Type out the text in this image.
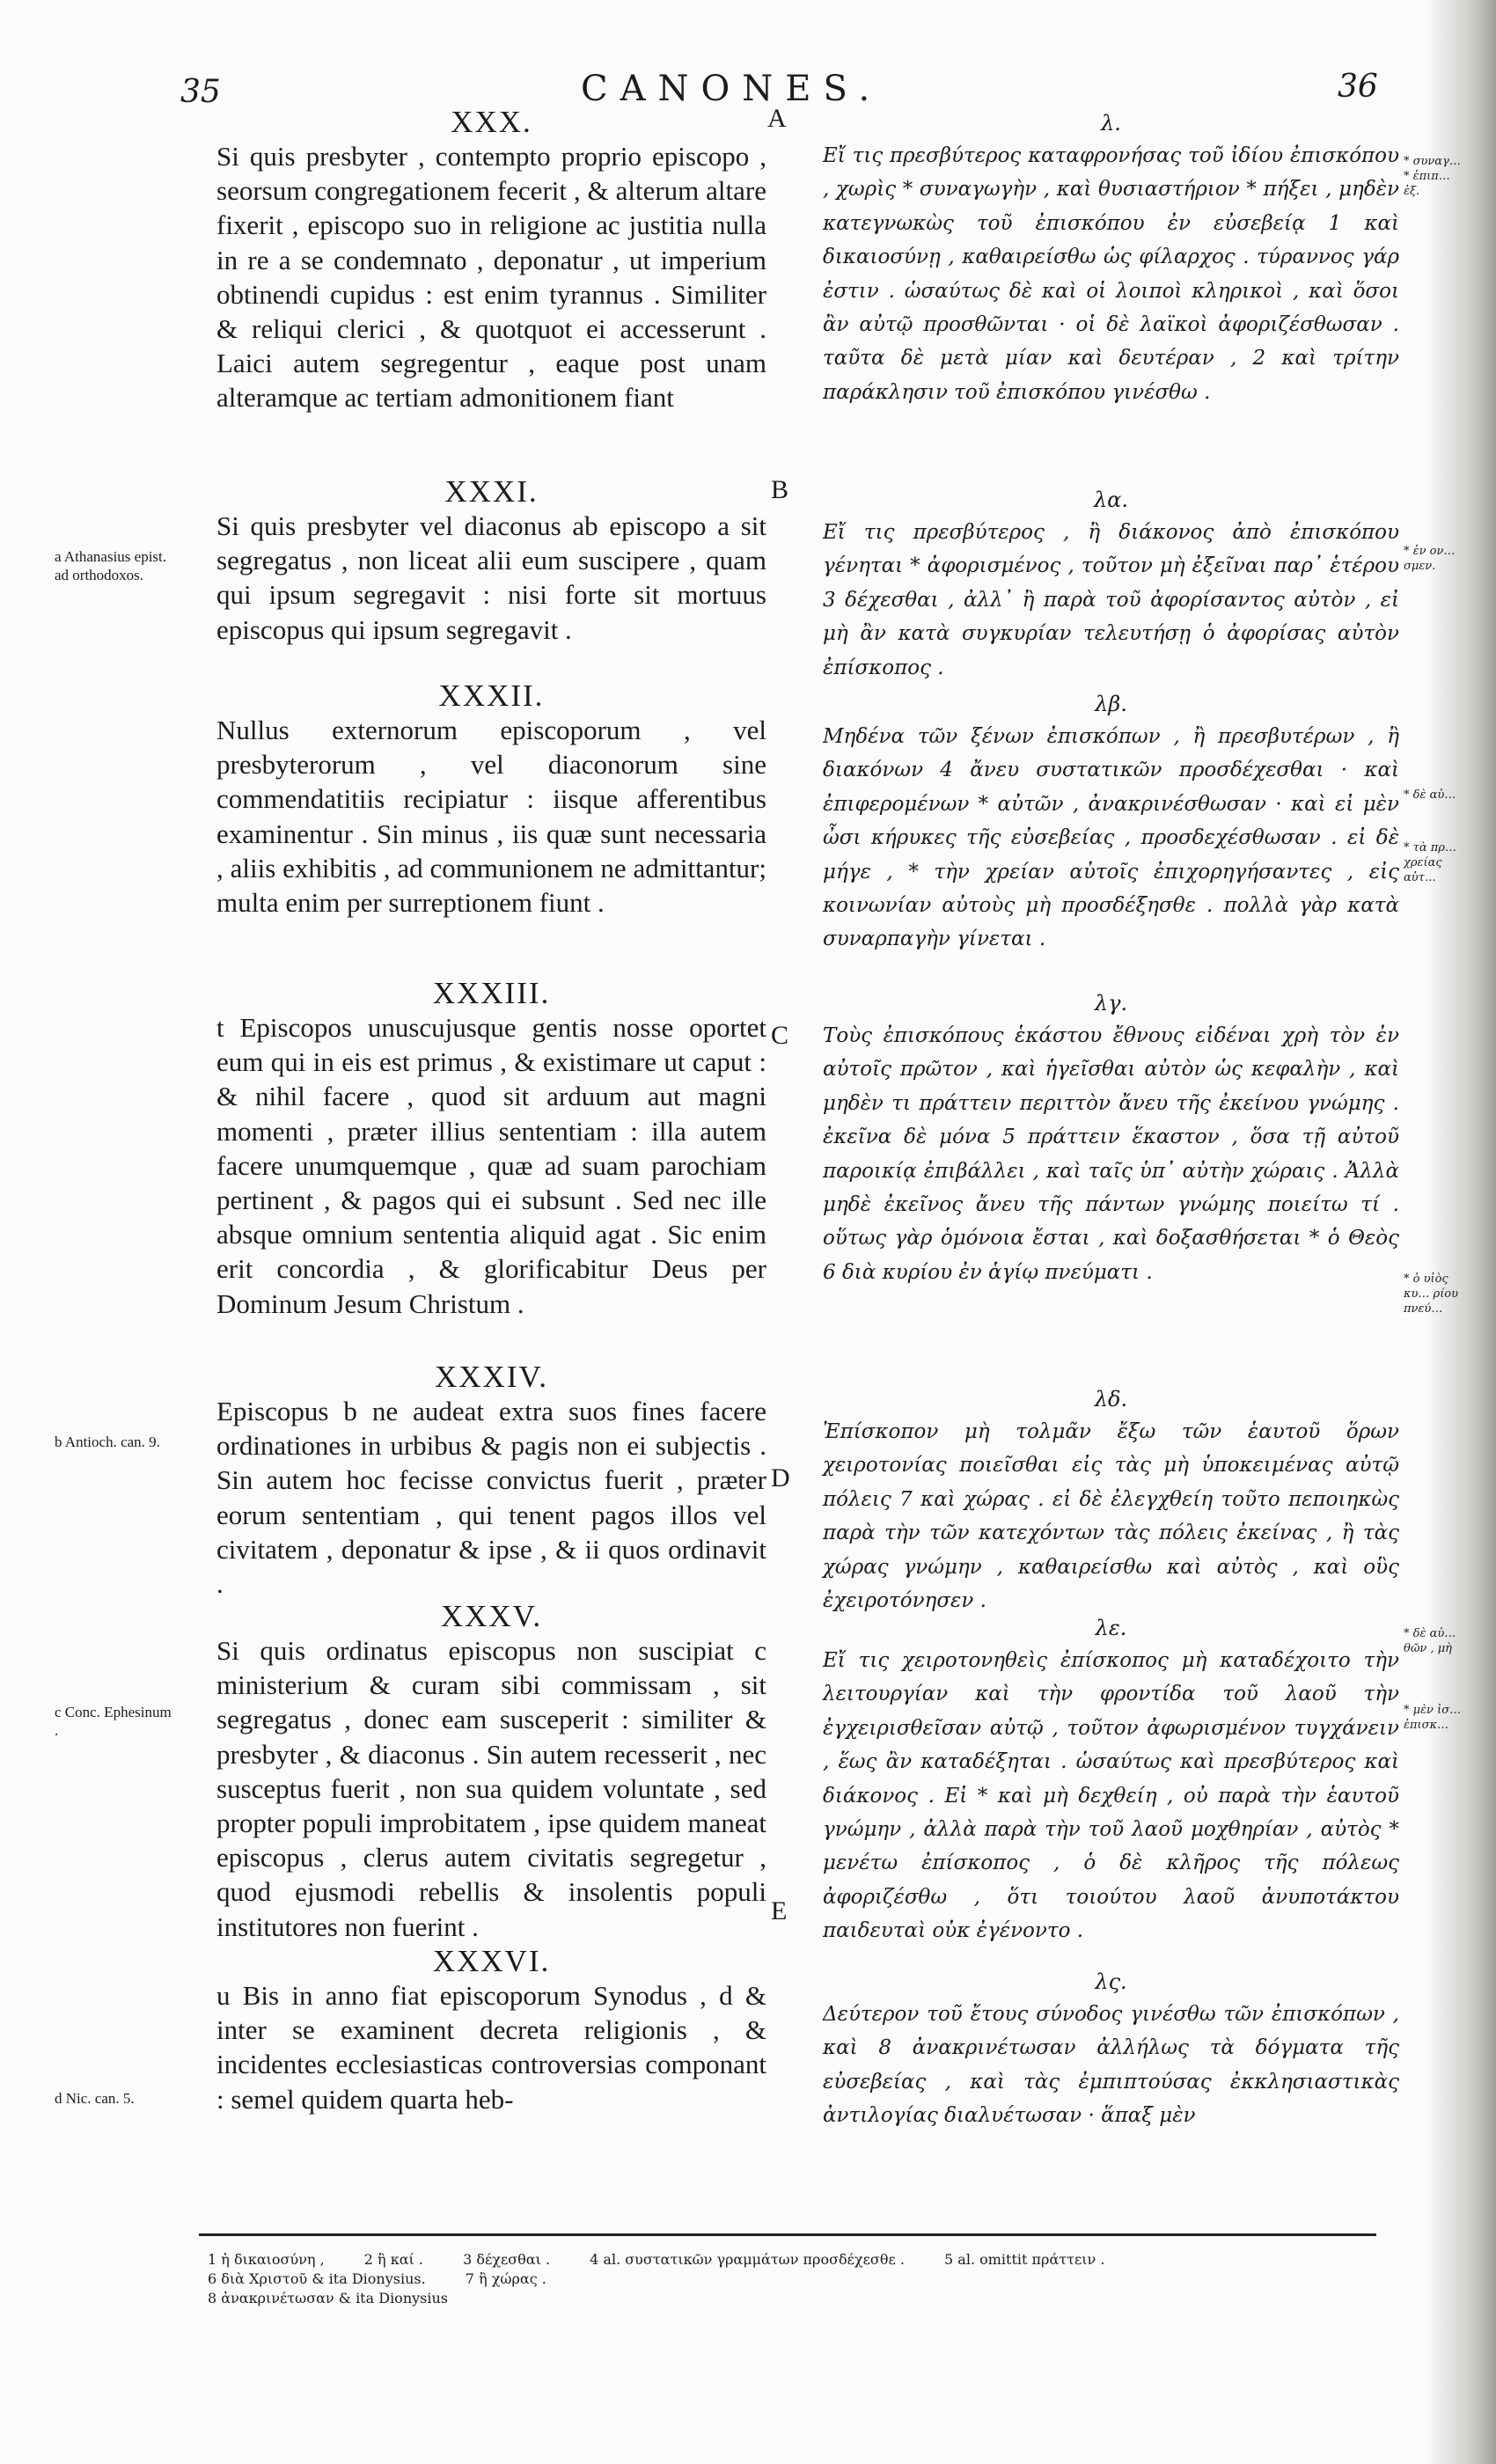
35	CANONES.	36
A
B
C
D
E
XXX.

Si quis presbyter , contempto proprio episcopo , seorsum congregationem fecerit , & alterum altare fixerit , episcopo suo in religione ac justitia nulla in re a se condemnato , deponatur , ut imperium obtinendi cupidus : est enim tyrannus . Similiter & reliqui clerici , & quotquot ei accesserunt . Laici autem segregentur , eaque post unam alteramque ac tertiam admonitionem fiant

XXXI.

Si quis presbyter vel diaconus ab episcopo a sit segregatus , non liceat alii eum suscipere , quam qui ipsum segregavit : nisi forte sit mortuus episcopus qui ipsum segregavit .

XXXII.

Nullus externorum episcoporum , vel presbyterorum , vel diaconorum sine commendatitiis recipiatur : iisque afferentibus examinentur . Sin minus , iis quæ sunt necessaria , aliis exhibitis , ad communionem ne admittantur; multa enim per surreptionem fiunt .

XXXIII.

t Episcopos unuscujusque gentis nosse oportet eum qui in eis est primus , & existimare ut caput : & nihil facere , quod sit arduum aut magni momenti , præter illius sententiam : illa autem facere unumquemque , quæ ad suam parochiam pertinent , & pagos qui ei subsunt . Sed nec ille absque omnium sententia aliquid agat . Sic enim erit concordia , & glorificabitur Deus per Dominum Jesum Christum .

XXXIV.

Episcopus b ne audeat extra suos fines facere ordinationes in urbibus & pagis non ei subjectis . Sin autem hoc fecisse convictus fuerit , præter eorum sententiam , qui tenent pagos illos vel civitatem , deponatur & ipse , & ii quos ordinavit .

XXXV.

Si quis ordinatus episcopus non suscipiat c ministerium & curam sibi commissam , sit segregatus , donec eam susceperit : similiter & presbyter , & diaconus . Sin autem recesserit , nec susceptus fuerit , non sua quidem voluntate , sed propter populi improbitatem , ipse quidem maneat episcopus , clerus autem civitatis segregetur , quod ejusmodi rebellis & insolentis populi institutores non fuerint .

XXXVI.

u Bis in anno fiat episcoporum Synodus , d & inter se examinent decreta religionis , & incidentes ecclesiasticas controversias componant : semel quidem quarta heb-

λ.

Εἴ τις πρεσβύτερος καταφρονήσας τοῦ ἰδίου ἐπισκόπου , χωρὶς * συναγωγὴν , καὶ θυσιαστήριον * πήξει , μηδὲν κατεγνωκὼς τοῦ ἐπισκόπου ἐν εὐσεβείᾳ 1 καὶ δικαιοσύνῃ , καθαιρείσθω ὡς φίλαρχος . τύραννος γάρ ἐστιν . ὡσαύτως δὲ καὶ οἱ λοιποὶ κληρικοὶ , καὶ ὅσοι ἂν αὐτῷ προσθῶνται · οἱ δὲ λαϊκοὶ ἀφοριζέσθωσαν . ταῦτα δὲ μετὰ μίαν καὶ δευτέραν , 2 καὶ τρίτην παράκλησιν τοῦ ἐπισκόπου γινέσθω .

λα.

Εἴ τις πρεσβύτερος , ἢ διάκονος ἀπὸ ἐπισκόπου γένηται * ἀφορισμένος , τοῦτον μὴ ἐξεῖναι παρ᾽ ἑτέρου 3 δέχεσθαι , ἀλλ᾽ ἢ παρὰ τοῦ ἀφορίσαντος αὐτὸν , εἰ μὴ ἂν κατὰ συγκυρίαν τελευτήσῃ ὁ ἀφορίσας αὐτὸν ἐπίσκοπος .

λβ.

Μηδένα τῶν ξένων ἐπισκόπων , ἢ πρεσβυτέρων , ἢ διακόνων 4 ἄνευ συστατικῶν προσδέχεσθαι · καὶ ἐπιφερομένων * αὐτῶν , ἀνακρινέσθωσαν · καὶ εἰ μὲν ὦσι κήρυκες τῆς εὐσεβείας , προσδεχέσθωσαν . εἰ δὲ μήγε , * τὴν χρείαν αὐτοῖς ἐπιχορηγήσαντες , εἰς κοινωνίαν αὐτοὺς μὴ προσδέξησθε . πολλὰ γὰρ κατὰ συναρπαγὴν γίνεται .

λγ.

Τοὺς ἐπισκόπους ἑκάστου ἔθνους εἰδέναι χρὴ τὸν ἐν αὐτοῖς πρῶτον , καὶ ἡγεῖσθαι αὐτὸν ὡς κεφαλὴν , καὶ μηδὲν τι πράττειν περιττὸν ἄνευ τῆς ἐκείνου γνώμης . ἐκεῖνα δὲ μόνα 5 πράττειν ἕκαστον , ὅσα τῇ αὐτοῦ παροικίᾳ ἐπιβάλλει , καὶ ταῖς ὑπ᾽ αὐτὴν χώραις . Ἀλλὰ μηδὲ ἐκεῖνος ἄνευ τῆς πάντων γνώμης ποιείτω τί . οὕτως γὰρ ὁμόνοια ἔσται , καὶ δοξασθήσεται * ὁ Θεὸς 6 διὰ κυρίου ἐν ἁγίῳ πνεύματι .

λδ.

Ἐπίσκοπον μὴ τολμᾶν ἔξω τῶν ἑαυτοῦ ὅρων χειροτονίας ποιεῖσθαι εἰς τὰς μὴ ὑποκειμένας αὐτῷ πόλεις 7 καὶ χώρας . εἰ δὲ ἐλεγχθείη τοῦτο πεποιηκὼς παρὰ τὴν τῶν κατεχόντων τὰς πόλεις ἐκείνας , ἢ τὰς χώρας γνώμην , καθαιρείσθω καὶ αὐτὸς , καὶ οὓς ἐχειροτόνησεν .

λε.

Εἴ τις χειροτονηθεὶς ἐπίσκοπος μὴ καταδέχοιτο τὴν λειτουργίαν καὶ τὴν φροντίδα τοῦ λαοῦ τὴν ἐγχειρισθεῖσαν αὐτῷ , τοῦτον ἀφωρισμένον τυγχάνειν , ἕως ἂν καταδέξηται . ὡσαύτως καὶ πρεσβύτερος καὶ διάκονος . Εἰ * καὶ μὴ δεχθείη , οὐ παρὰ τὴν ἑαυτοῦ γνώμην , ἀλλὰ παρὰ τὴν τοῦ λαοῦ μοχθηρίαν , αὐτὸς * μενέτω ἐπίσκοπος , ὁ δὲ κλῆρος τῆς πόλεως ἀφοριζέσθω , ὅτι τοιούτου λαοῦ ἀνυποτάκτου παιδευταὶ οὐκ ἐγένοντο .

λς.

Δεύτερον τοῦ ἔτους σύνοδος γινέσθω τῶν ἐπισκόπων , καὶ 8 ἀνακρινέτωσαν ἀλλήλως τὰ δόγματα τῆς εὐσεβείας , καὶ τὰς ἐμπιπτούσας ἐκκλησιαστικὰς ἀντιλογίας διαλυέτωσαν · ἅπαξ μὲν

a Athanasius epist. ad orthodoxos.
b Antioch. can. 9.
c Conc. Ephesinum .
d Nic. can. 5.
* συναγ… * ἐπιπ… ἐξ.
* ἐν ον… σμεν.
* δὲ αὐ…
* τὰ πρ… χρείας αὐτ…
* ὁ υἱὸς κυ… ρίου πνεύ…
* δὲ αὐ… θῶν , μὴ
* μὲν ἰσ… ἐπισκ…
1 ἡ δικαιοσύνη ,	2 ἢ καί .	3 δέχεσθαι .	4 al. συστατικῶν γραμμάτων προσδέχεσθε .	5 al. omittit πράττειν .
6 διὰ Χριστοῦ & ita Dionysius.	7 ἢ χώρας .
8 ἀνακρινέτωσαν & ita Dionysius
